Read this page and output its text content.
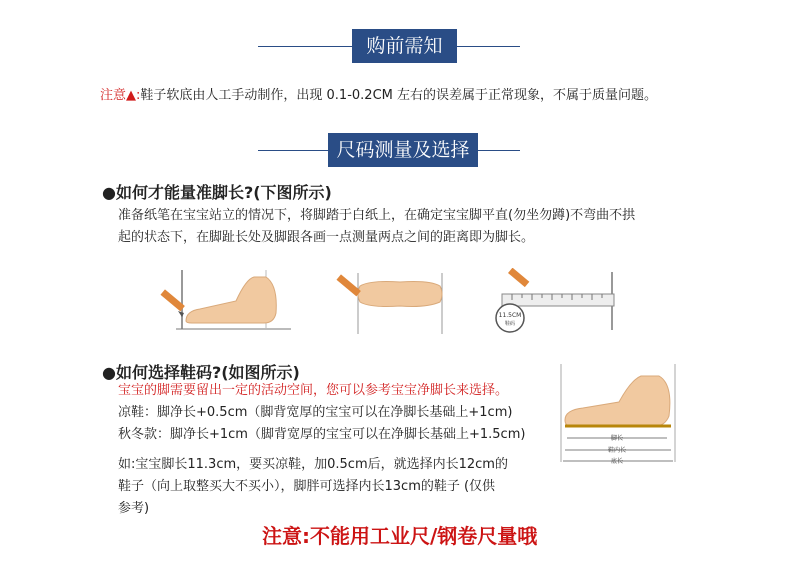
购前需知
注意▲:鞋子软底由人工手动制作，出现 0.1-0.2CM 左右的误差属于正常现象，不属于质量问题。
尺码测量及选择
●如何才能量准脚长?(下图所示)
准备纸笔在宝宝站立的情况下，将脚踏于白纸上，在确定宝宝脚平直(勿坐勿蹲)不弯曲不拱
起的状态下，在脚趾长处及脚跟各画一点测量两点之间的距离即为脚长。
11.5CM
鞋码
●如何选择鞋码?(如图所示)
宝宝的脚需要留出一定的活动空间，您可以参考宝宝净脚长来选择。
凉鞋：脚净长+0.5cm（脚背宽厚的宝宝可以在净脚长基础上+1cm)
秋冬款：脚净长+1cm（脚背宽厚的宝宝可以在净脚长基础上+1.5cm)
如:宝宝脚长11.3cm，要买凉鞋，加0.5cm后，就选择内长12cm的
鞋子（向上取整买大不买小），脚胖可选择内长13cm的鞋子 (仅供
参考)
脚长
鞋内长
底长
注意:不能用工业尺/钢卷尺量哦
